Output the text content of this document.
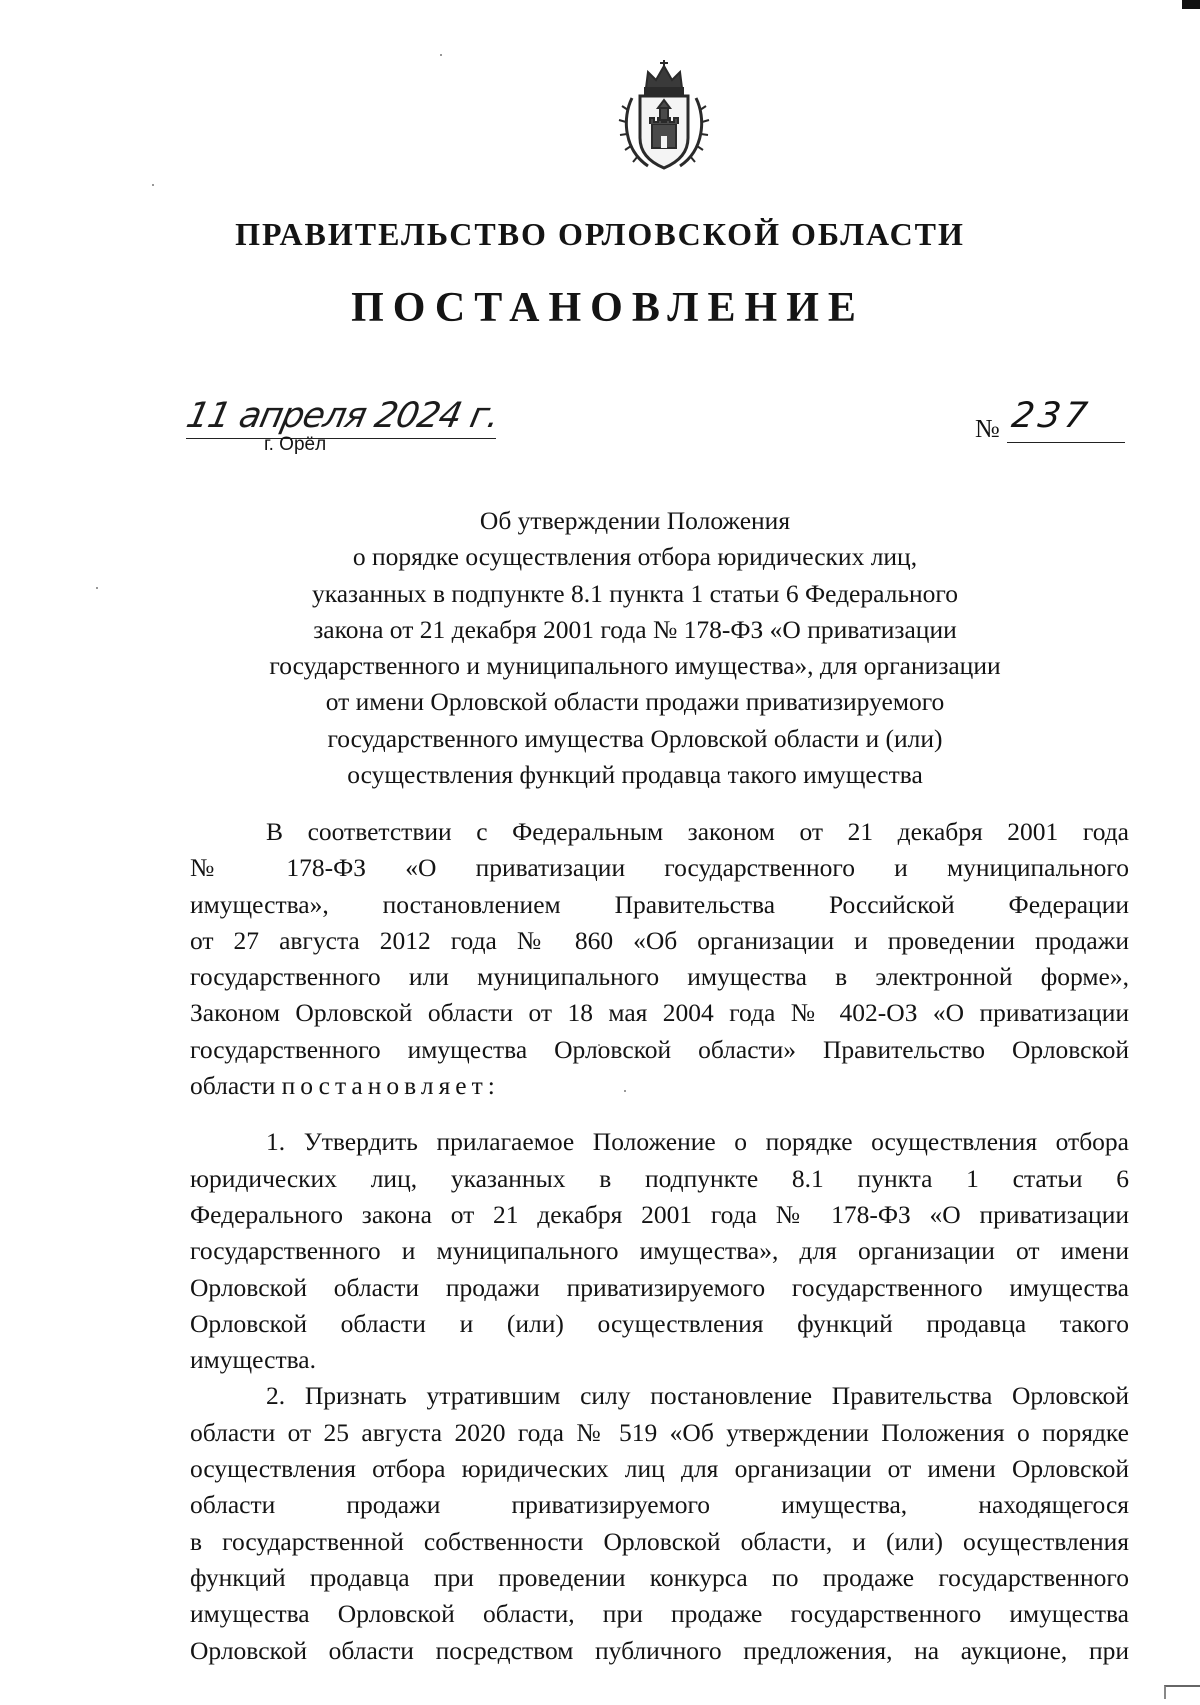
ПРАВИТЕЛЬСТВО ОРЛОВСКОЙ ОБЛАСТИ
ПОСТАНОВЛЕНИЕ
11 апреля 2024 г.
г. Орёл
№ 237
Об утверждении Положения
о порядке осуществления отбора юридических лиц,
указанных в подпункте 8.1 пункта 1 статьи 6 Федерального
закона от 21 декабря 2001 года № 178-ФЗ «О приватизации
государственного и муниципального имущества», для организации
от имени Орловской области продажи приватизируемого
государственного имущества Орловской области и (или)
осуществления функций продавца такого имущества
В соответствии с Федеральным законом от 21 декабря 2001 года
№ 178-ФЗ «О приватизации государственного и муниципального
имущества», постановлением Правительства Российской Федерации
от 27 августа 2012 года № 860 «Об организации и проведении продажи
государственного или муниципального имущества в электронной форме»,
Законом Орловской области от 18 мая 2004 года № 402-ОЗ «О приватизации
государственного имущества Орловской области» Правительство Орловской
области постановляет:
1. Утвердить прилагаемое Положение о порядке осуществления отбора
юридических лиц, указанных в подпункте 8.1 пункта 1 статьи 6
Федерального закона от 21 декабря 2001 года № 178-ФЗ «О приватизации
государственного и муниципального имущества», для организации от имени
Орловской области продажи приватизируемого государственного имущества
Орловской области и (или) осуществления функций продавца такого
имущества.
2. Признать утратившим силу постановление Правительства Орловской
области от 25 августа 2020 года № 519 «Об утверждении Положения о порядке
осуществления отбора юридических лиц для организации от имени Орловской
области продажи приватизируемого имущества, находящегося
в государственной собственности Орловской области, и (или) осуществления
функций продавца при проведении конкурса по продаже государственного
имущества Орловской области, при продаже государственного имущества
Орловской области посредством публичного предложения, на аукционе, при
